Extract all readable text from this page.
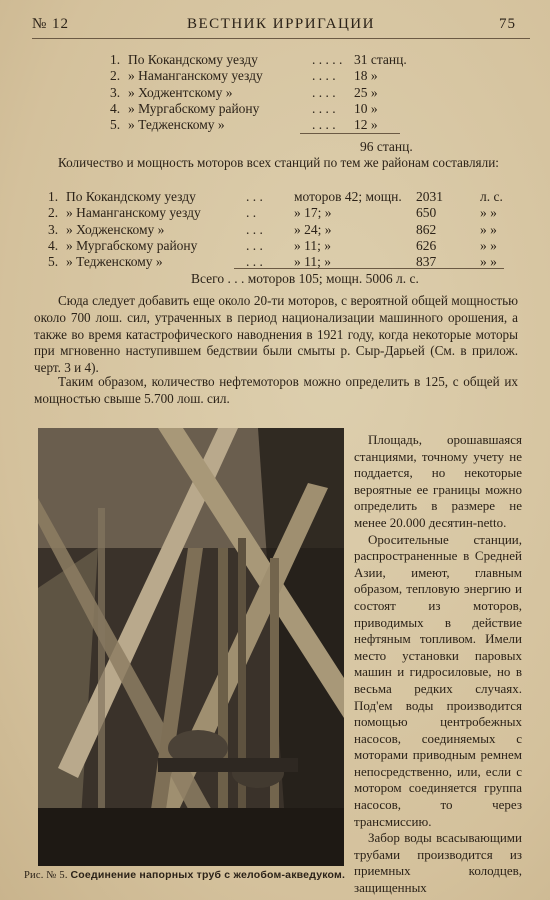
№ 12	ВЕСТНИК ИРРИГАЦИИ	75
1. По Кокандскому уезду	. . . . . 31 станц.
2. » Наманганскому уезду	. . . . 18 »
3. » Ходжентскому »	. . . . 25 »
4. » Мургабскому району	. . . . 10 »
5. » Тедженскому »	. . . . 12 »
96 станц.
Количество и мощность моторов всех станций по тем же районам составляли:
1. По Кокандскому уезду	. . . моторов 42; мощн. 2031	л. с.
2. » Наманганскому уезду	. .	» 17; »	650	» »
3. » Ходженскому »	. . . » 24; »	862	» »
4. » Мургабскому району	. . . » 11; »	626	» »
5. » Тедженскому »	. . . » 11; »	837	» »
Всего . . . моторов 105; мощн. 5006 л. с.
Сюда следует добавить еще около 20-ти моторов, с вероятной общей мощностью около 700 лош. сил, утраченных в период национализации машинного орошения, а также во время катастрофического наводнения в 1921 году, когда некоторые моторы при мгновенно наступившем бедствии были смыты р. Сыр-Дарьей (См. в прилож. черт. 3 и 4).
Таким образом, количество нефтемоторов можно определить в 125, с общей их мощностью свыше 5.700 лош. сил.
Рис. № 5. Соединение напорных труб с желобом-акведуком.

Площадь, орошавшаяся станциями, точному учету не поддается, но некоторые вероятные ее границы можно определить в размере не менее 20.000 десятин-netto.

Оросительные станции, распространенные в Средней Азии, имеют, главным образом, тепловую энергию и состоят из моторов, приводимых в действие нефтяным топливом. Имели место установки паровых машин и гидросиловые, но в весьма редких случаях. Под'ем воды производится помощью центробежных насосов, соединяемых с моторами приводным ремнем непосредственно, или, если с мотором соединяется группа насосов, то через трансмиссию.

Забор воды всасывающими трубами производится из приемных колодцев, защищенных
